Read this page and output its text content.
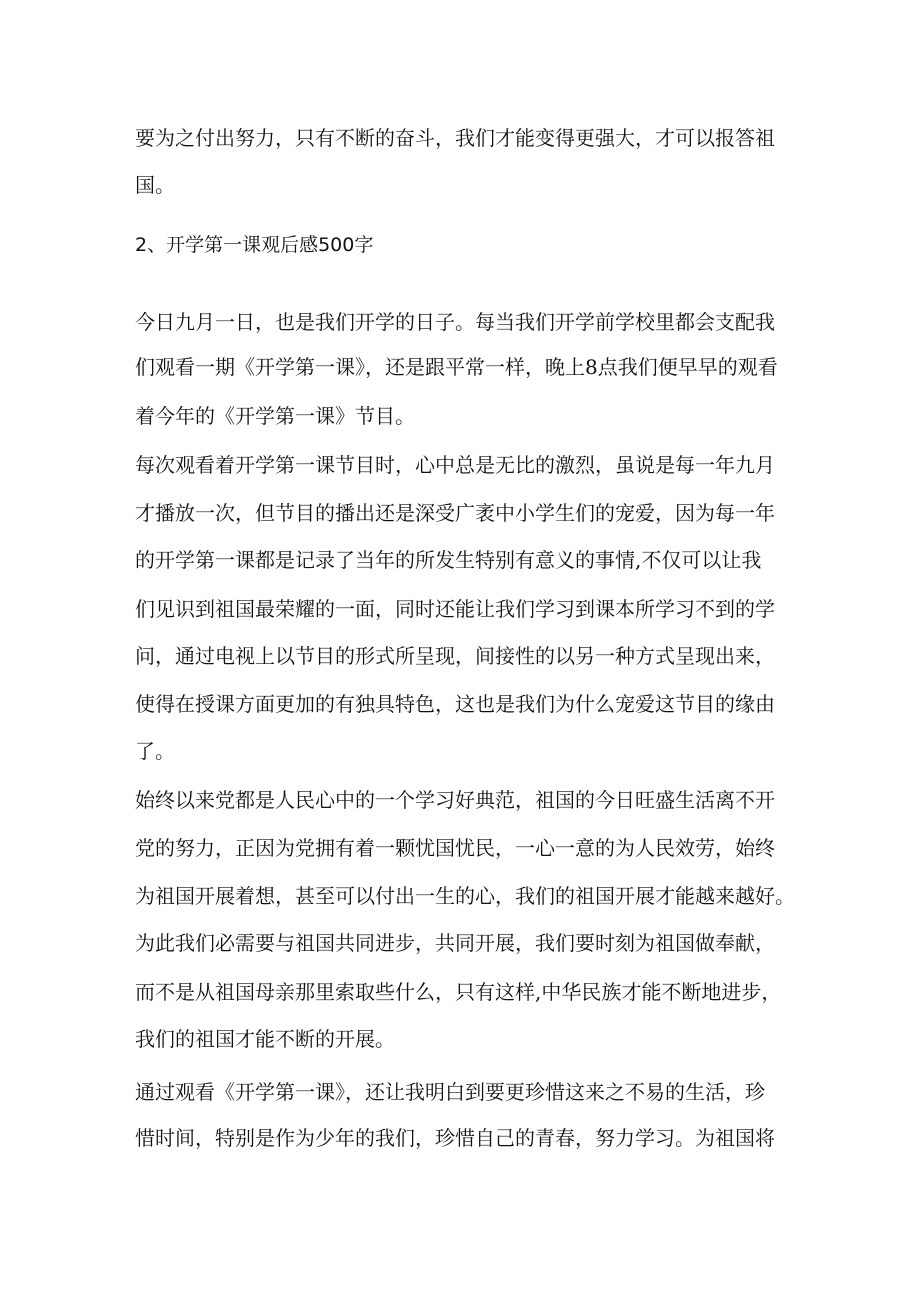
要为之付出努力，只有不断的奋斗，我们才能变得更强大，才可以报答祖
国。
2、开学第一课观后感500字
今日九月一日，也是我们开学的日子。每当我们开学前学校里都会支配我
们观看一期《开学第一课》，还是跟平常一样，晚上8点我们便早早的观看
着今年的《开学第一课》节目。
每次观看着开学第一课节目时，心中总是无比的激烈，虽说是每一年九月
才播放一次，但节目的播出还是深受广袤中小学生们的宠爱，因为每一年
的开学第一课都是记录了当年的所发生特别有意义的事情,不仅可以让我
们见识到祖国最荣耀的一面，同时还能让我们学习到课本所学习不到的学
问，通过电视上以节目的形式所呈现，间接性的以另一种方式呈现出来，
使得在授课方面更加的有独具特色，这也是我们为什么宠爱这节目的缘由
了。
始终以来党都是人民心中的一个学习好典范，祖国的今日旺盛生活离不开
党的努力，正因为党拥有着一颗忧国忧民，一心一意的为人民效劳，始终
为祖国开展着想，甚至可以付出一生的心，我们的祖国开展才能越来越好。
为此我们必需要与祖国共同进步，共同开展，我们要时刻为祖国做奉献，
而不是从祖国母亲那里索取些什么，只有这样,中华民族才能不断地进步，
我们的祖国才能不断的开展。
通过观看《开学第一课》，还让我明白到要更珍惜这来之不易的生活，珍
惜时间，特别是作为少年的我们，珍惜自己的青春，努力学习。为祖国将
